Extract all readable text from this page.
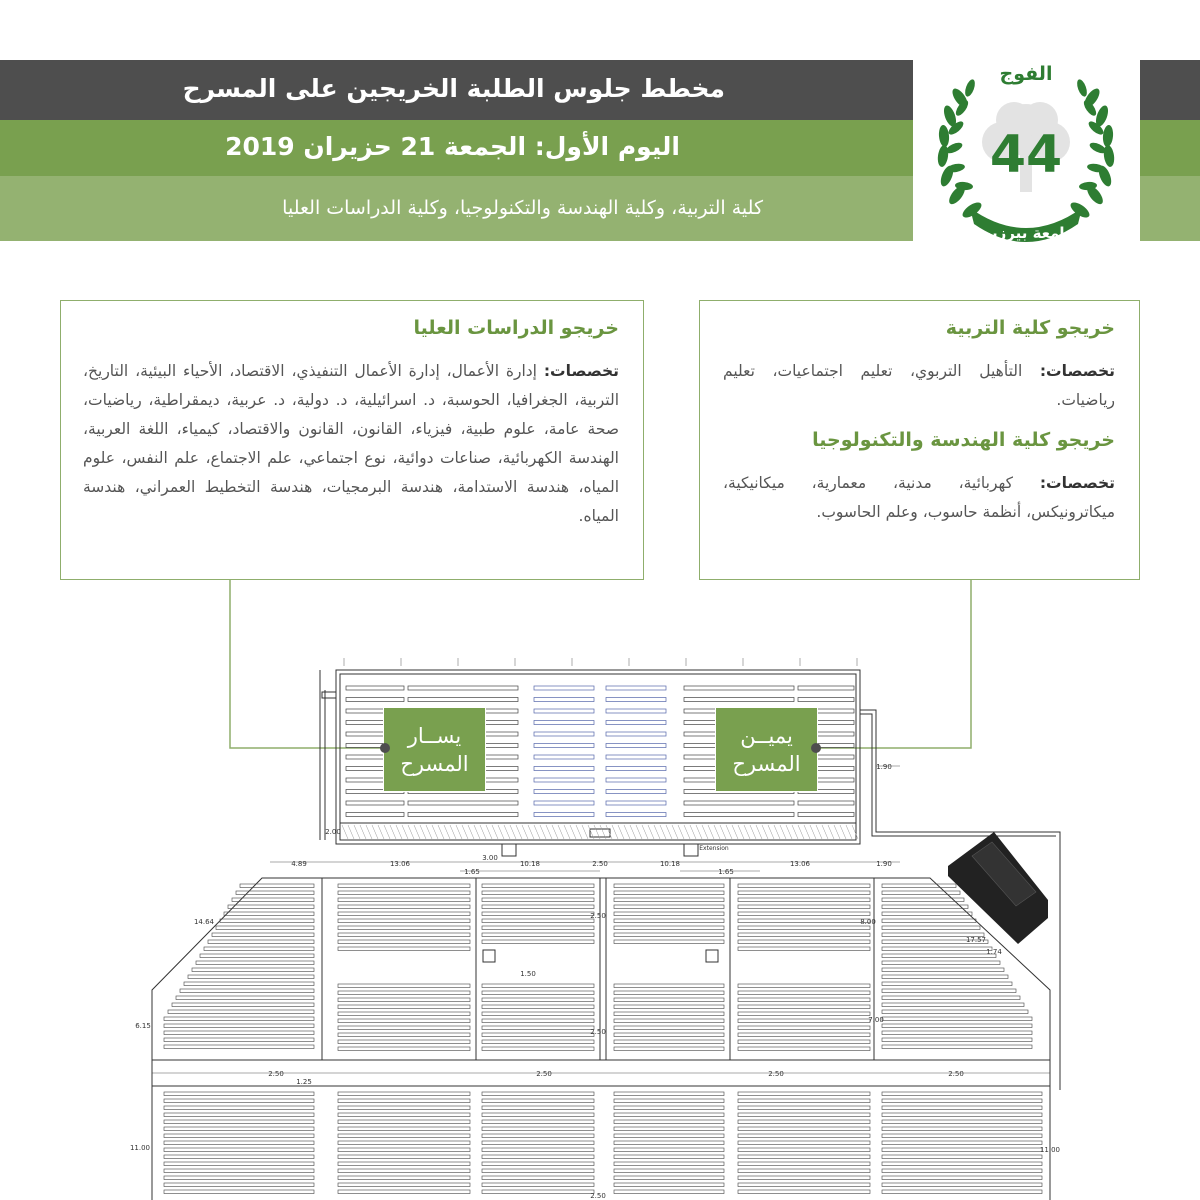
مخطط جلوس الطلبة الخريجين على المسرح
اليوم الأول: الجمعة 21 حزيران 2019
كلية التربية، وكلية الهندسة والتكنولوجيا، وكلية الدراسات العليا
جامعة بيرزيت
الفوج
44
خريجو الدراسات العليا

تخصصات: إدارة الأعمال، إدارة الأعمال التنفيذي، الاقتصاد، الأحياء البيئية، التاريخ، التربية، الجغرافيا، الحوسبة، د. اسرائيلية، د. دولية، د. عربية، ديمقراطية، رياضيات، صحة عامة، علوم طبية، فيزياء، القانون، القانون والاقتصاد، كيمياء، اللغة العربية، الهندسة الكهربائية، صناعات دوائية، نوع اجتماعي، علم الاجتماع، علم النفس، علوم المياه، هندسة الاستدامة، هندسة البرمجيات، هندسة التخطيط العمراني، هندسة المياه.

خريجو كلية التربية

تخصصات: التأهيل التربوي، تعليم اجتماعيات، تعليم رياضيات.

خريجو كلية الهندسة والتكنولوجيا

تخصصات: كهربائية، مدنية، معمارية، ميكانيكية، ميكاترونيكس، أنظمة حاسوب، وعلم الحاسوب.

4.89	13.06
3.00
10.18	2.50	10.18	13.06	1.90
1.65	1.65
1.90
2.00
14.64
6.15
11.00
2.50
1.25
2.50
1.50
2.50
2.50
2.50	2.50
17.57
1.74
8.00
7.00
11.00
2.50
Extension
يســار
المسرح
يميــن
المسرح
